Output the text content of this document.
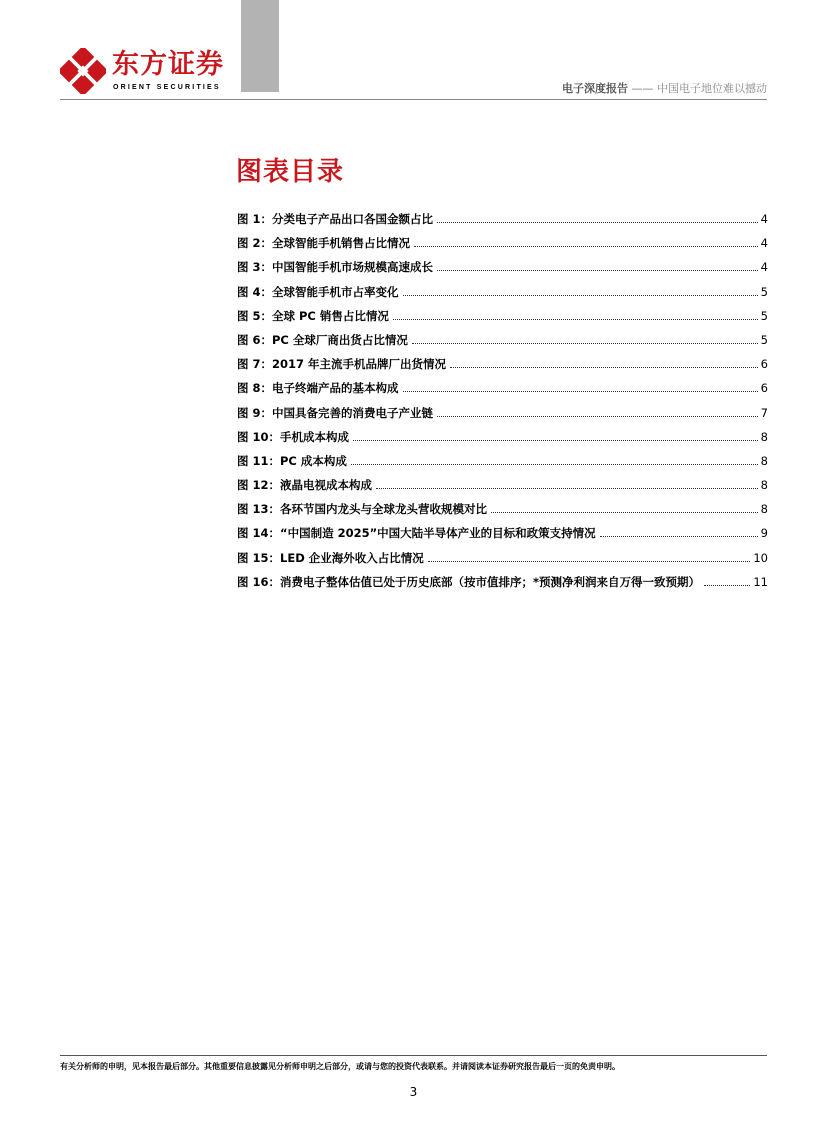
东方证券
ORIENT SECURITIES	电子深度报告 —— 中国电子地位难以撼动
图表目录
图 1：分类电子产品出口各国金额占比	4
图 2：全球智能手机销售占比情况	4
图 3：中国智能手机市场规模高速成长	4
图 4：全球智能手机市占率变化	5
图 5：全球 PC 销售占比情况	5
图 6：PC 全球厂商出货占比情况	5
图 7：2017 年主流手机品牌厂出货情况	6
图 8：电子终端产品的基本构成	6
图 9：中国具备完善的消费电子产业链	7
图 10：手机成本构成	8
图 11：PC 成本构成	8
图 12：液晶电视成本构成	8
图 13：各环节国内龙头与全球龙头营收规模对比	8
图 14：“中国制造 2025”中国大陆半导体产业的目标和政策支持情况	9
图 15：LED 企业海外收入占比情况	10
图 16：消费电子整体估值已处于历史底部（按市值排序；*预测净利润来自万得一致预期）	11
有关分析师的申明，见本报告最后部分。其他重要信息披露见分析师申明之后部分，或请与您的投资代表联系。并请阅读本证券研究报告最后一页的免责申明。
3
